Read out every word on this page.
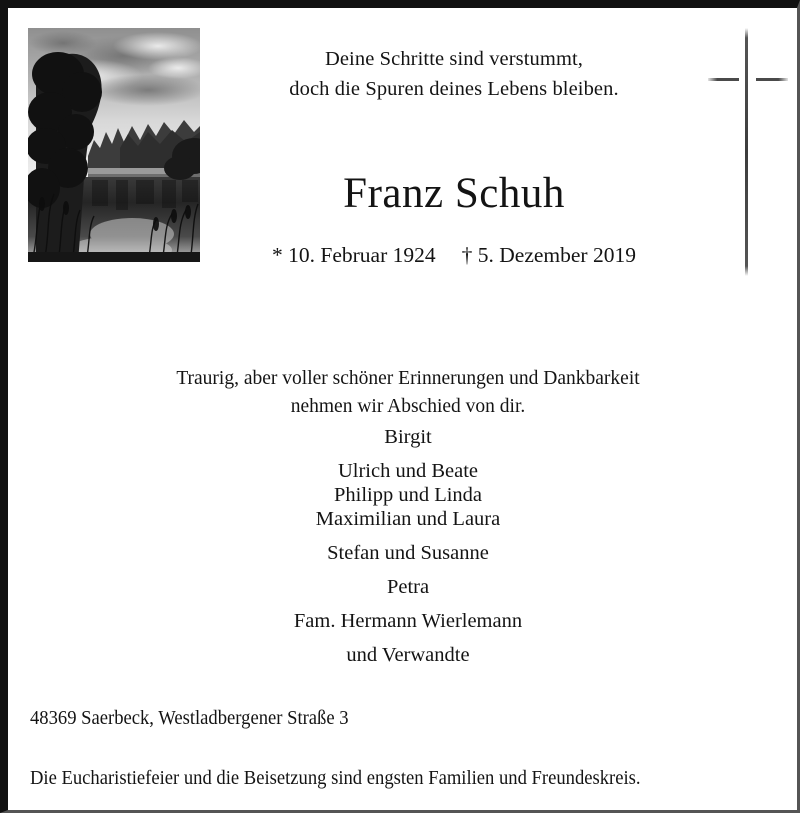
Deine Schritte sind verstummt,
doch die Spuren deines Lebens bleiben.
Franz Schuh
* 10. Februar 1924 † 5. Dezember 2019
Traurig, aber voller schöner Erinnerungen und Dankbarkeit
nehmen wir Abschied von dir.
Birgit
Ulrich und Beate
Philipp und Linda
Maximilian und Laura
Stefan und Susanne
Petra
Fam. Hermann Wierlemann
und Verwandte
48369 Saerbeck, Westladbergener Straße 3
Die Eucharistiefeier und die Beisetzung sind engsten Familien und Freundeskreis.
